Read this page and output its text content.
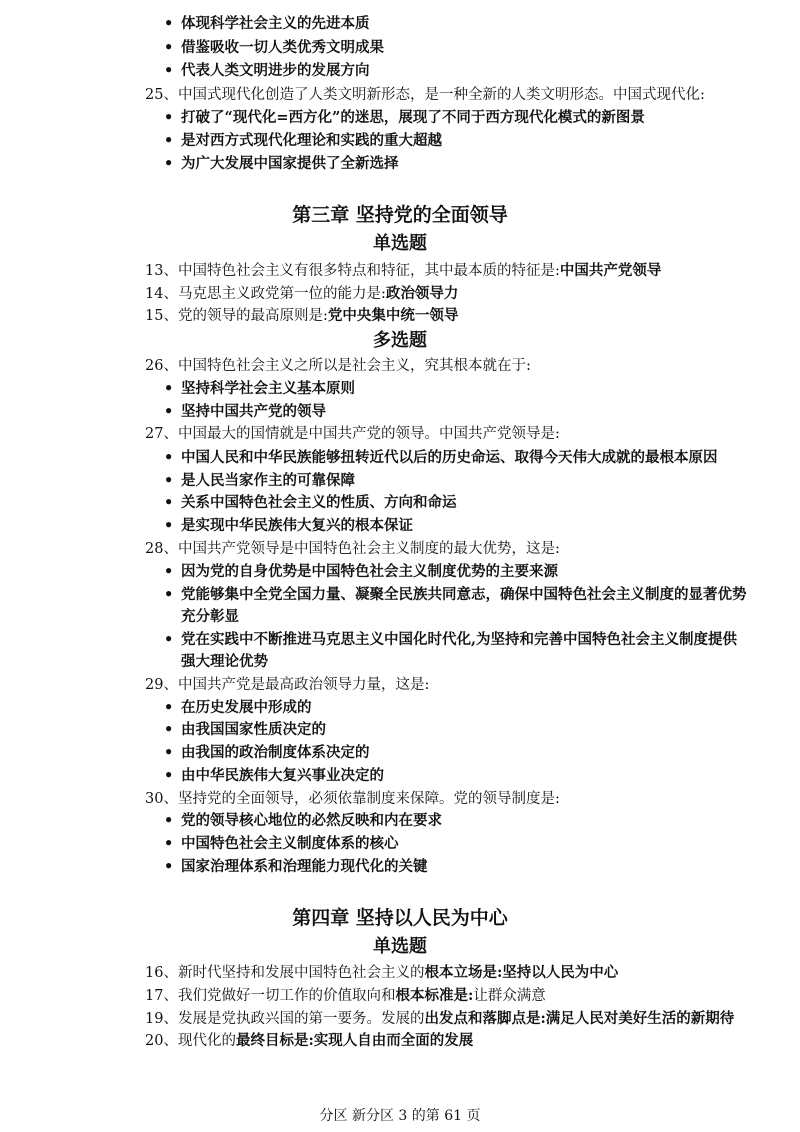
• 体现科学社会主义的先进本质
• 借鉴吸收一切人类优秀文明成果
• 代表人类文明进步的发展方向
25、中国式现代化创造了人类文明新形态，是一种全新的人类文明形态。中国式现代化:
• 打破了“现代化=西方化”的迷思，展现了不同于西方现代化模式的新图景
• 是对西方式现代化理论和实践的重大超越
• 为广大发展中国家提供了全新选择
第三章 坚持党的全面领导
单选题
13、中国特色社会主义有很多特点和特征，其中最本质的特征是:中国共产党领导
14、马克思主义政党第一位的能力是:政治领导力
15、党的领导的最高原则是:党中央集中统一领导
多选题
26、中国特色社会主义之所以是社会主义，究其根本就在于:
• 坚持科学社会主义基本原则
• 坚持中国共产党的领导
27、中国最大的国情就是中国共产党的领导。中国共产党领导是:
• 中国人民和中华民族能够扭转近代以后的历史命运、取得今天伟大成就的最根本原因
• 是人民当家作主的可靠保障
• 关系中国特色社会主义的性质、方向和命运
• 是实现中华民族伟大复兴的根本保证
28、中国共产党领导是中国特色社会主义制度的最大优势，这是:
• 因为党的自身优势是中国特色社会主义制度优势的主要来源
• 党能够集中全党全国力量、凝聚全民族共同意志，确保中国特色社会主义制度的显著优势
充分彰显
• 党在实践中不断推进马克思主义中国化时代化,为坚持和完善中国特色社会主义制度提供
强大理论优势
29、中国共产党是最高政治领导力量，这是:
• 在历史发展中形成的
• 由我国国家性质决定的
• 由我国的政治制度体系决定的
• 由中华民族伟大复兴事业决定的
30、坚持党的全面领导，必须依靠制度来保障。党的领导制度是:
• 党的领导核心地位的必然反映和内在要求
• 中国特色社会主义制度体系的核心
• 国家治理体系和治理能力现代化的关键
第四章 坚持以人民为中心
单选题
16、新时代坚持和发展中国特色社会主义的根本立场是:坚持以人民为中心
17、我们党做好一切工作的价值取向和根本标准是:让群众满意
19、发展是党执政兴国的第一要务。发展的出发点和落脚点是:满足人民对美好生活的新期待
20、现代化的最终目标是:实现人自由而全面的发展
分区 新分区 3 的第 61 页
